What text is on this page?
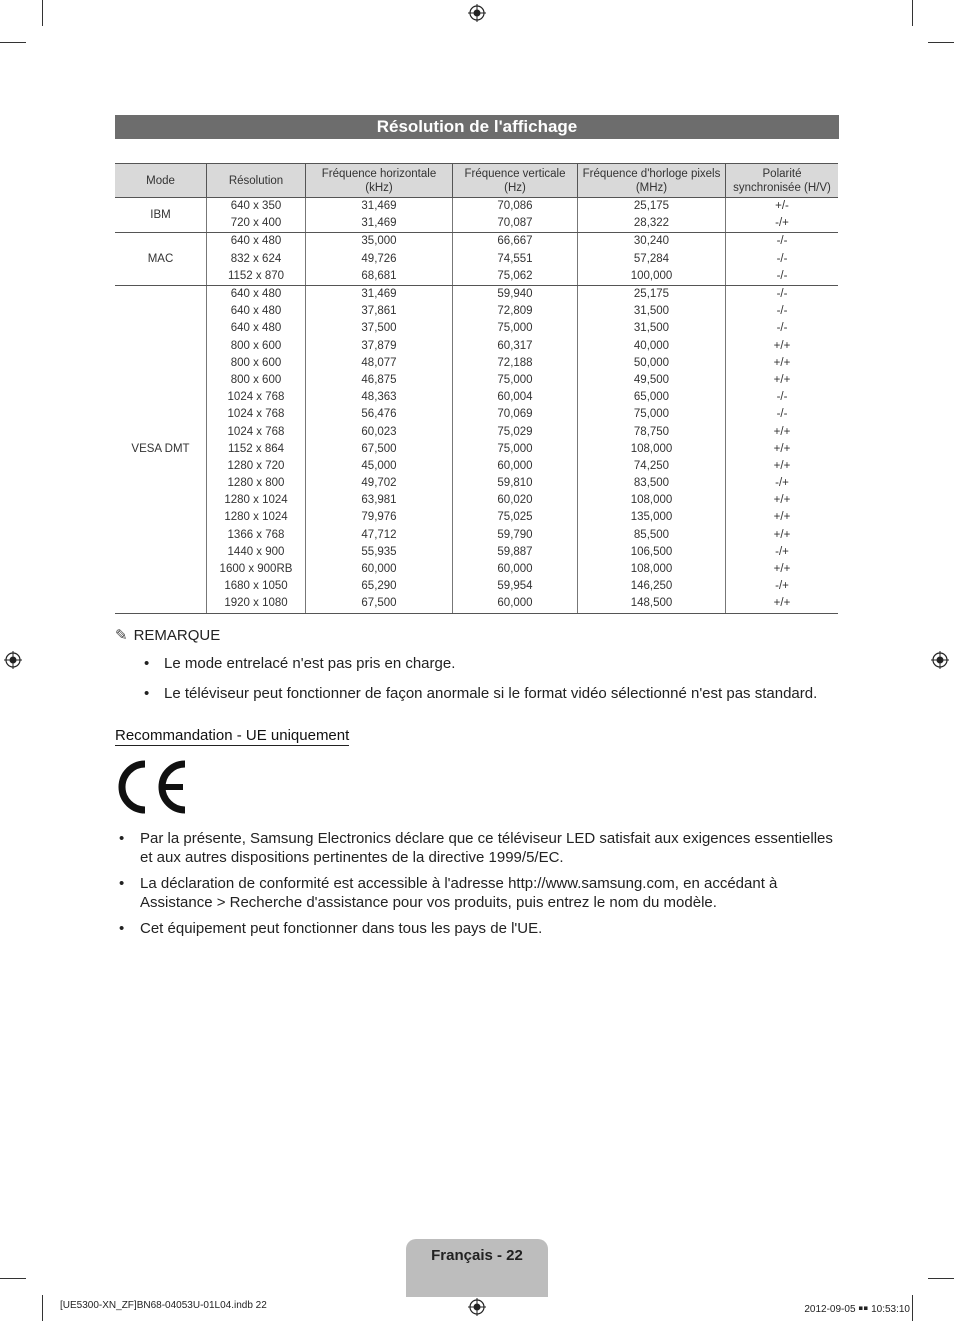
Résolution de l'affichage
Mode	Résolution	Fréquence horizontale (kHz)	Fréquence verticale (Hz)	Fréquence d'horloge pixels (MHz)	Polarité synchronisée (H/V)
IBM	640 x 350	31,469	70,086	25,175	+/-
	720 x 400	31,469	70,087	28,322	-/+
MAC	640 x 480	35,000	66,667	30,240	-/-
	832 x 624	49,726	74,551	57,284	-/-
	1152 x 870	68,681	75,062	100,000	-/-
VESA DMT	640 x 480	31,469	59,940	25,175	-/-
	640 x 480	37,861	72,809	31,500	-/-
	640 x 480	37,500	75,000	31,500	-/-
	800 x 600	37,879	60,317	40,000	+/+
	800 x 600	48,077	72,188	50,000	+/+
	800 x 600	46,875	75,000	49,500	+/+
	1024 x 768	48,363	60,004	65,000	-/-
	1024 x 768	56,476	70,069	75,000	-/-
	1024 x 768	60,023	75,029	78,750	+/+
	1152 x 864	67,500	75,000	108,000	+/+
	1280 x 720	45,000	60,000	74,250	+/+
	1280 x 800	49,702	59,810	83,500	-/+
	1280 x 1024	63,981	60,020	108,000	+/+
	1280 x 1024	79,976	75,025	135,000	+/+
	1366 x 768	47,712	59,790	85,500	+/+
	1440 x 900	55,935	59,887	106,500	-/+
	1600 x 900RB	60,000	60,000	108,000	+/+
	1680 x 1050	65,290	59,954	146,250	-/+
	1920 x 1080	67,500	60,000	148,500	+/+
✎ REMARQUE
• Le mode entrelacé n'est pas pris en charge.
• Le téléviseur peut fonctionner de façon anormale si le format vidéo sélectionné n'est pas standard.
Recommandation - UE uniquement
• Par la présente, Samsung Electronics déclare que ce téléviseur LED satisfait aux exigences essentielles et aux autres dispositions pertinentes de la directive 1999/5/EC.
• La déclaration de conformité est accessible à l'adresse http://www.samsung.com, en accédant à Assistance > Recherche d'assistance pour vos produits, puis entrez le nom du modèle.
• Cet équipement peut fonctionner dans tous les pays de l'UE.
Français - 22
[UE5300-XN_ZF]BN68-04053U-01L04.indb 22	2012-09-05 ￭￭ 10:53:10
